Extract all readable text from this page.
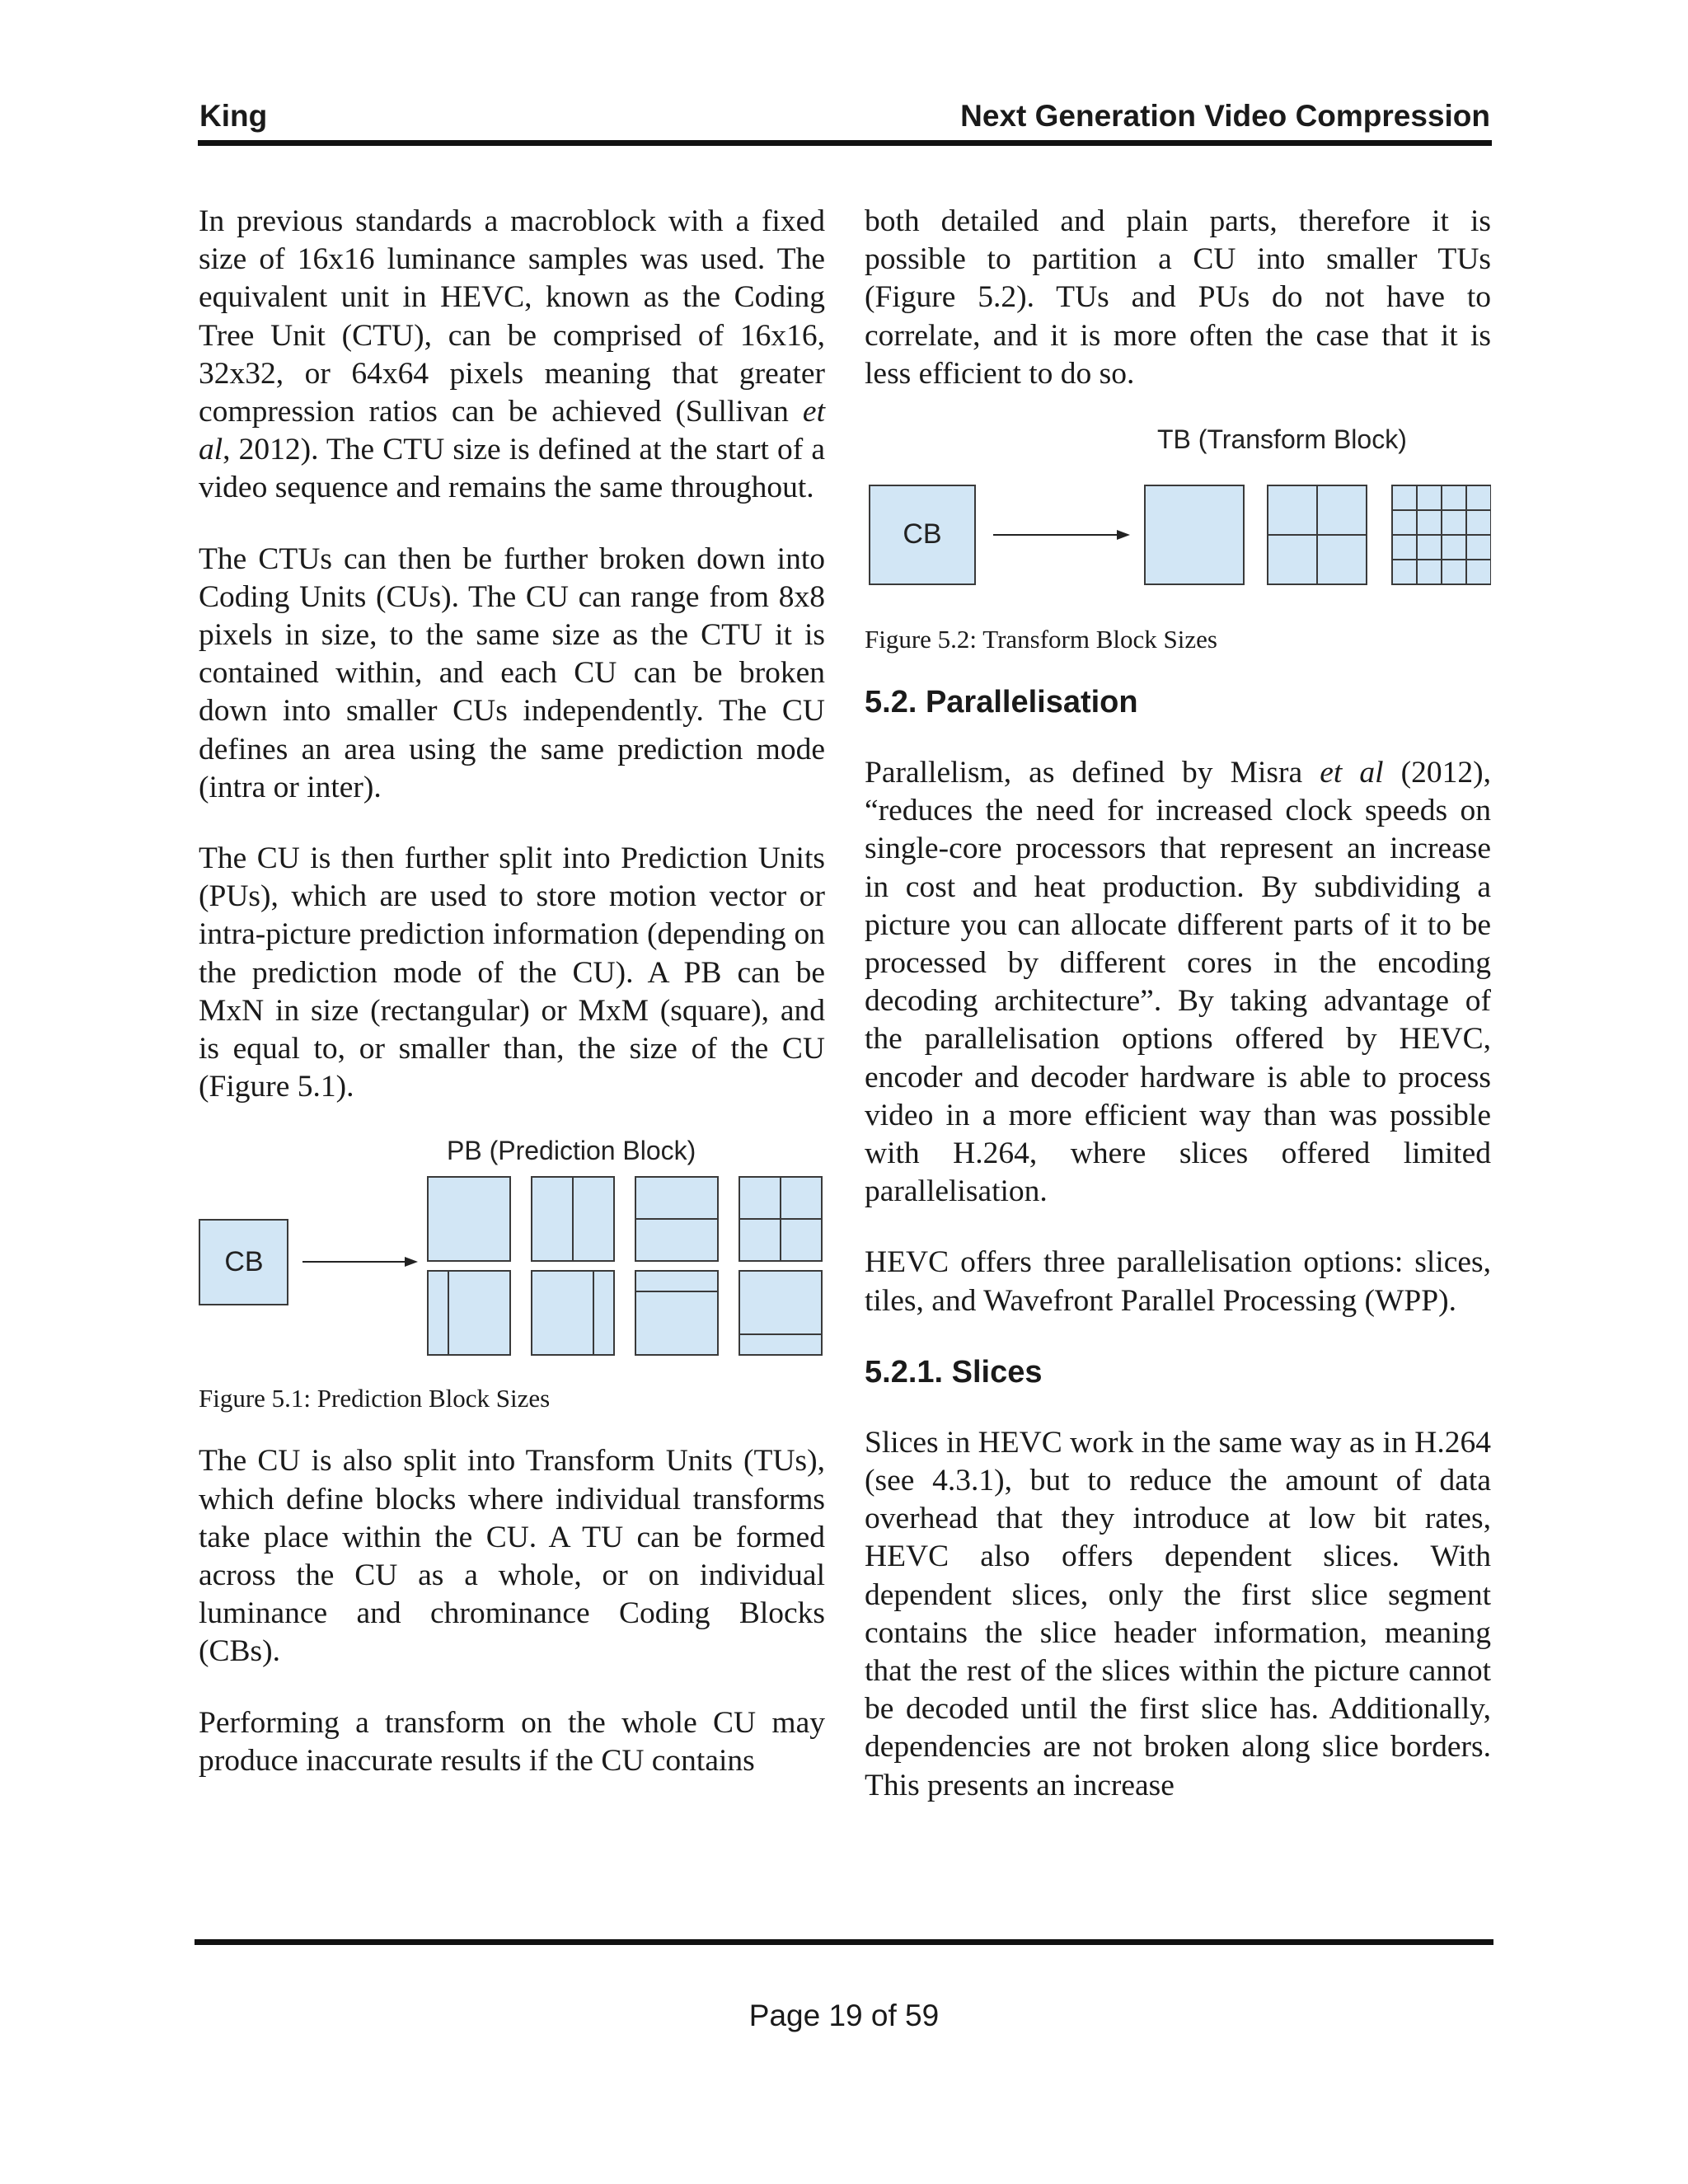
King	Next Generation Video Compression

In previous standards a macroblock with a fixed size of 16x16 luminance samples was used. The equivalent unit in HEVC, known as the Coding Tree Unit (CTU), can be comprised of 16x16, 32x32, or 64x64 pixels meaning that greater compression ratios can be achieved (Sullivan et al, 2012). The CTU size is defined at the start of a video sequence and remains the same throughout.

The CTUs can then be further broken down into Coding Units (CUs). The CU can range from 8x8 pixels in size, to the same size as the CTU it is contained within, and each CU can be broken down into smaller CUs independently. The CU defines an area using the same prediction mode (intra or inter).

The CU is then further split into Prediction Units (PUs), which are used to store motion vector or intra-picture prediction information (depending on the prediction mode of the CU). A PB can be MxN in size (rectangular) or MxM (square), and is equal to, or smaller than, the size of the CU (Figure 5.1).

PB (Prediction Block)
CB

Figure 5.1: Prediction Block Sizes

The CU is also split into Transform Units (TUs), which define blocks where individual transforms take place within the CU. A TU can be formed across the CU as a whole, or on individual luminance and chrominance Coding Blocks (CBs).

Performing a transform on the whole CU may produce inaccurate results if the CU contains

both detailed and plain parts, therefore it is possible to partition a CU into smaller TUs (Figure 5.2). TUs and PUs do not have to correlate, and it is more often the case that it is less efficient to do so.

TB (Transform Block)
CB

Figure 5.2: Transform Block Sizes

5.2. Parallelisation

Parallelism, as defined by Misra et al (2012), “reduces the need for increased clock speeds on single-core processors that represent an increase in cost and heat production. By subdividing a picture you can allocate different parts of it to be processed by different cores in the encoding decoding architecture”. By taking advantage of the parallelisation options offered by HEVC, encoder and decoder hardware is able to process video in a more efficient way than was possible with H.264, where slices offered limited parallelisation.

HEVC offers three parallelisation options: slices, tiles, and Wavefront Parallel Processing (WPP).

5.2.1. Slices

Slices in HEVC work in the same way as in H.264 (see 4.3.1), but to reduce the amount of data overhead that they introduce at low bit rates, HEVC also offers dependent slices. With dependent slices, only the first slice segment contains the slice header information, meaning that the rest of the slices within the picture cannot be decoded until the first slice has. Additionally, dependencies are not broken along slice borders. This presents an increase

Page 19 of 59
